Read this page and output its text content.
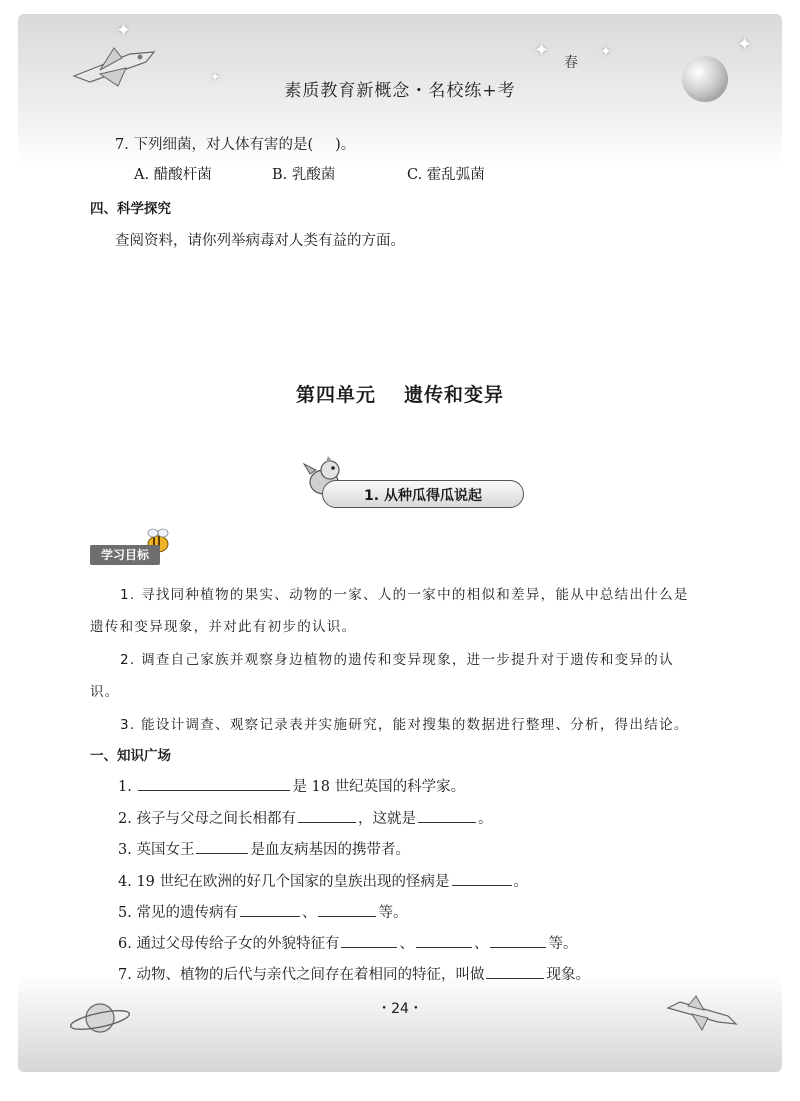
✦
✦
✦	✦	✦
春
素质教育新概念・名校练+考
7. 下列细菌，对人体有害的是( )。
A. 醋酸杆菌	B. 乳酸菌	C. 霍乱弧菌
四、科学探究
查阅资料，请你列举病毒对人类有益的方面。
第四单元 遗传和变异
1. 从种瓜得瓜说起
学习目标
1. 寻找同种植物的果实、动物的一家、人的一家中的相似和差异，能从中总结出什么是
遗传和变异现象，并对此有初步的认识。
2. 调查自己家族并观察身边植物的遗传和变异现象，进一步提升对于遗传和变异的认
识。
3. 能设计调查、观察记录表并实施研究，能对搜集的数据进行整理、分析，得出结论。
一、知识广场
1.	是 18 世纪英国的科学家。
2. 孩子与父母之间长相都有	，这就是	。
3. 英国女王	是血友病基因的携带者。
4. 19 世纪在欧洲的好几个国家的皇族出现的怪病是	。
5. 常见的遗传病有	、	等。
6. 通过父母传给子女的外貌特征有	、	、	等。
7. 动物、植物的后代与亲代之间存在着相同的特征，叫做	现象。
・24・
